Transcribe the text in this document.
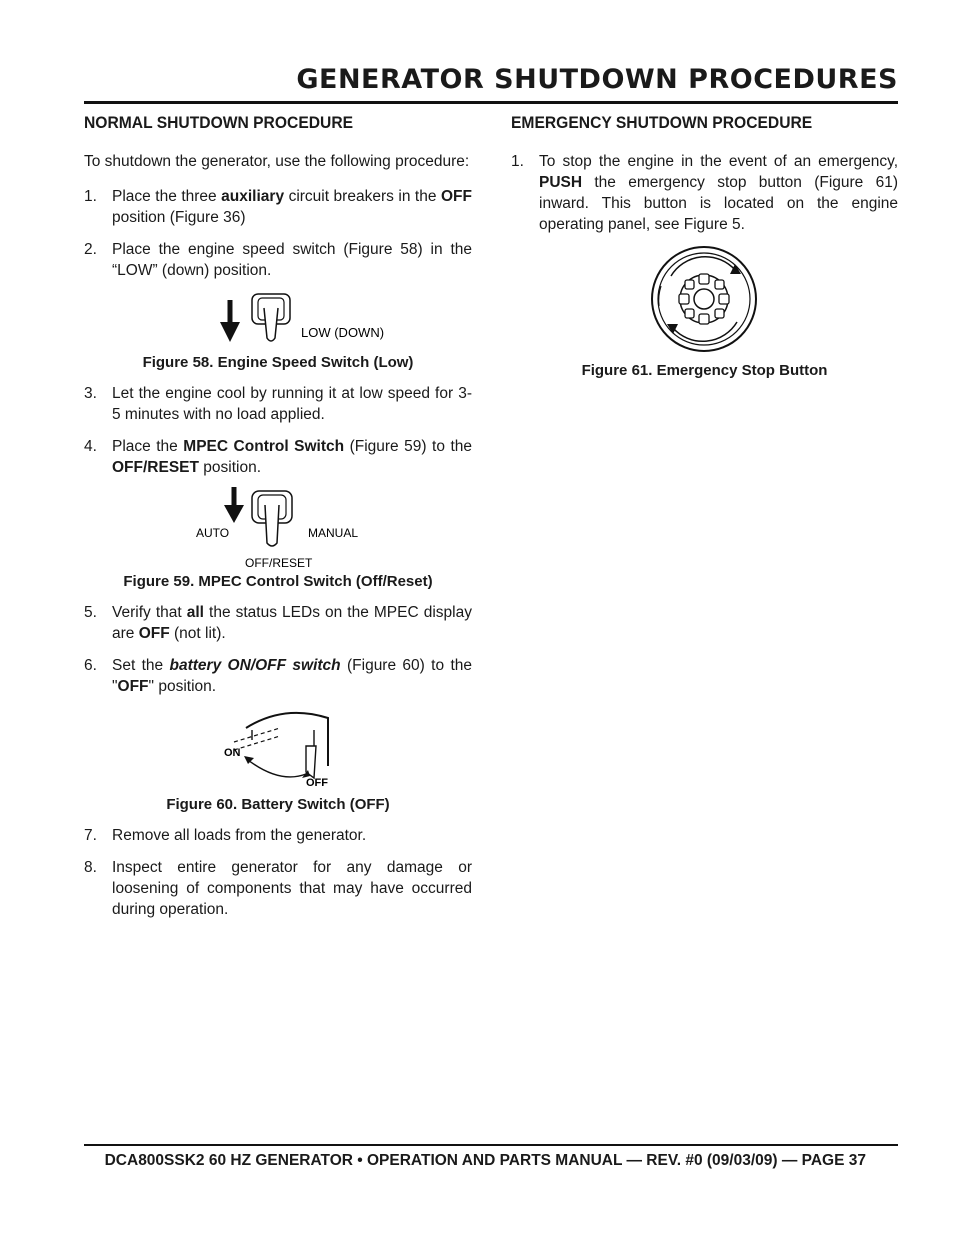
GENERATOR SHUTDOWN PROCEDURES
NORMAL SHUTDOWN PROCEDURE

To shutdown the generator, use the following procedure:

1. Place the three auxiliary circuit breakers in the OFF position (Figure 36)
2. Place the engine speed switch (Figure 58) in the “LOW” (down) position.
LOW (DOWN)

Figure 58. Engine Speed Switch (Low)

3. Let the engine cool by running it at low speed for 3-5 minutes with no load applied.
4. Place the MPEC Control Switch (Figure 59) to the OFF/RESET position.
AUTO	MANUAL
OFF/RESET

Figure 59. MPEC Control Switch (Off/Reset)

5. Verify that all the status LEDs on the MPEC display are OFF (not lit).
6. Set the battery ON/OFF switch (Figure 60) to the "OFF" position.
ON
OFF

Figure 60. Battery Switch (OFF)

7. Remove all loads from the generator.
8. Inspect entire generator for any damage or loosening of components that may have occurred during operation.
EMERGENCY SHUTDOWN PROCEDURE
1. To stop the engine in the event of an emergency, PUSH the emergency stop button (Figure 61) inward. This button is located on the engine operating panel, see Figure 5.

Figure 61. Emergency Stop Button

DCA800SSK2 60 HZ GENERATOR • OPERATION AND PARTS MANUAL — REV. #0 (09/03/09) — PAGE 37
